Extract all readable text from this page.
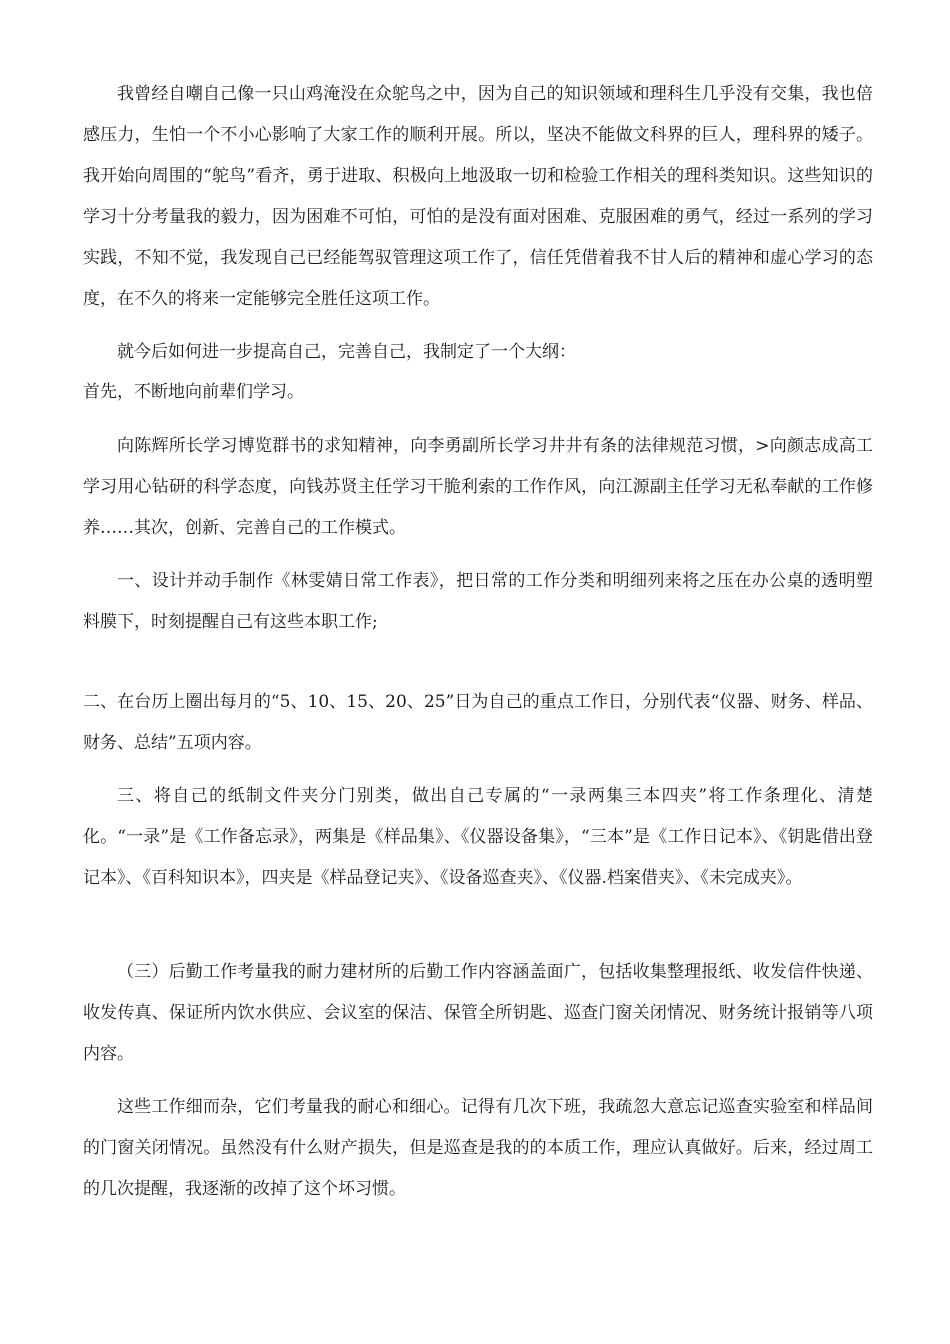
我曾经自嘲自己像一只山鸡淹没在众鸵鸟之中，因为自己的知识领域和理科生几乎没有交集，我也倍感压力，生怕一个不小心影响了大家工作的顺利开展。所以，坚决不能做文科界的巨人，理科界的矮子。我开始向周围的“鸵鸟”看齐，勇于进取、积极向上地汲取一切和检验工作相关的理科类知识。这些知识的学习十分考量我的毅力，因为困难不可怕，可怕的是没有面对困难、克服困难的勇气，经过一系列的学习实践，不知不觉，我发现自己已经能驾驭管理这项工作了，信任凭借着我不甘人后的精神和虚心学习的态度，在不久的将来一定能够完全胜任这项工作。

就今后如何进一步提高自己，完善自己，我制定了一个大纲：

首先，不断地向前辈们学习。

向陈辉所长学习博览群书的求知精神，向李勇副所长学习井井有条的法律规范习惯，>向颜志成高工学习用心钻研的科学态度，向钱苏贤主任学习干脆利索的工作作风，向江源副主任学习无私奉献的工作修养……其次，创新、完善自己的工作模式。

一、设计并动手制作《林雯婧日常工作表》，把日常的工作分类和明细列来将之压在办公桌的透明塑料膜下，时刻提醒自己有这些本职工作;

二、在台历上圈出每月的“5、10、15、20、25”日为自己的重点工作日，分别代表“仪器、财务、样品、财务、总结”五项内容。

三、将自己的纸制文件夹分门别类，做出自己专属的“一录两集三本四夹”将工作条理化、清楚化。“一录”是《工作备忘录》，两集是《样品集》、《仪器设备集》，“三本”是《工作日记本》、《钥匙借出登记本》、《百科知识本》，四夹是《样品登记夹》、《设备巡查夹》、《仪器.档案借夹》、《未完成夹》。

（三）后勤工作考量我的耐力建材所的后勤工作内容涵盖面广，包括收集整理报纸、收发信件快递、收发传真、保证所内饮水供应、会议室的保洁、保管全所钥匙、巡查门窗关闭情况、财务统计报销等八项内容。

这些工作细而杂，它们考量我的耐心和细心。记得有几次下班，我疏忽大意忘记巡查实验室和样品间的门窗关闭情况。虽然没有什么财产损失，但是巡查是我的的本质工作，理应认真做好。后来，经过周工的几次提醒，我逐渐的改掉了这个坏习惯。
